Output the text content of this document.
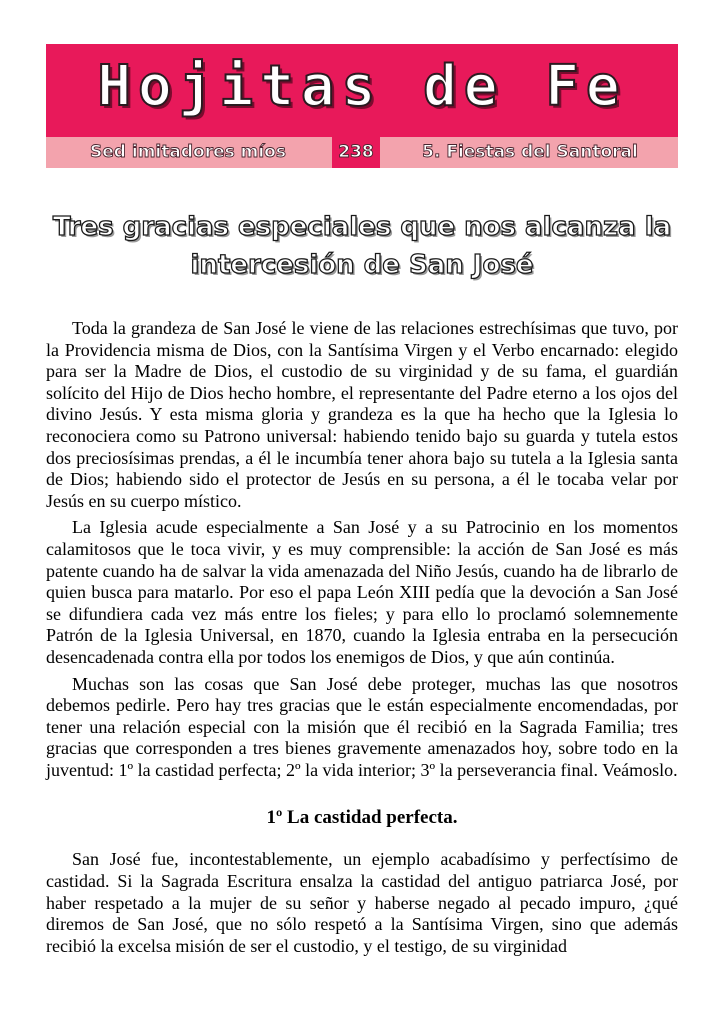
Hojitas de Fe
Sed imitadores míos	238	5. Fiestas del Santoral
Tres gracias especiales que nos alcanza la intercesión de San José

Toda la grandeza de San José le viene de las relaciones estrechísimas que tuvo, por la Providencia misma de Dios, con la Santísima Virgen y el Verbo encarnado: elegido para ser la Madre de Dios, el custodio de su virginidad y de su fama, el guardián solícito del Hijo de Dios hecho hombre, el representante del Padre eterno a los ojos del divino Jesús. Y esta misma gloria y grandeza es la que ha hecho que la Iglesia lo reconociera como su Patrono universal: habiendo tenido bajo su guarda y tutela estos dos preciosísimas prendas, a él le incumbía tener ahora bajo su tutela a la Iglesia santa de Dios; habiendo sido el protector de Jesús en su persona, a él le tocaba velar por Jesús en su cuerpo místico.

La Iglesia acude especialmente a San José y a su Patrocinio en los momentos calamitosos que le toca vivir, y es muy comprensible: la acción de San José es más patente cuando ha de salvar la vida amenazada del Niño Jesús, cuando ha de librarlo de quien busca para matarlo. Por eso el papa León XIII pedía que la devoción a San José se difundiera cada vez más entre los fieles; y para ello lo proclamó solemnemente Patrón de la Iglesia Universal, en 1870, cuando la Iglesia entraba en la persecución desencadenada contra ella por todos los enemigos de Dios, y que aún continúa.

Muchas son las cosas que San José debe proteger, muchas las que nosotros debemos pedirle. Pero hay tres gracias que le están especialmente encomendadas, por tener una relación especial con la misión que él recibió en la Sagrada Familia; tres gracias que corresponden a tres bienes gravemente amenazados hoy, sobre todo en la juventud: 1º la castidad perfecta; 2º la vida interior; 3º la perseverancia final. Veámoslo.

1º La castidad perfecta.

San José fue, incontestablemente, un ejemplo acabadísimo y perfectísimo de castidad. Si la Sagrada Escritura ensalza la castidad del antiguo patriarca José, por haber respetado a la mujer de su señor y haberse negado al pecado impuro, ¿qué diremos de San José, que no sólo respetó a la Santísima Virgen, sino que además recibió la excelsa misión de ser el custodio, y el testigo, de su virginidad
